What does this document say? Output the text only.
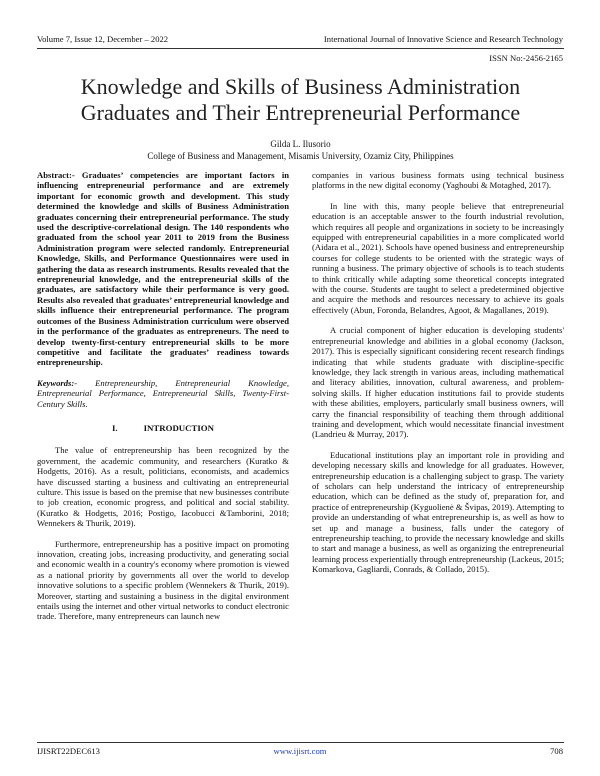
Volume 7, Issue 12, December – 2022	International Journal of Innovative Science and Research Technology
ISSN No:-2456-2165
Knowledge and Skills of Business Administration
Graduates and Their Entrepreneurial Performance
Gilda L. Ilusorio
College of Business and Management, Misamis University, Ozamiz City, Philippines

Abstract:- Graduates’ competencies are important factors in influencing entrepreneurial performance and are extremely important for economic growth and development. This study determined the knowledge and skills of Business Administration graduates concerning their entrepreneurial performance. The study used the descriptive-correlational design. The 140 respondents who graduated from the school year 2011 to 2019 from the Business Administration program were selected randomly. Entrepreneurial Knowledge, Skills, and Performance Questionnaires were used in gathering the data as research instruments. Results revealed that the entrepreneurial knowledge, and the entrepreneurial skills of the graduates, are satisfactory while their performance is very good. Results also revealed that graduates’ entrepreneurial knowledge and skills influence their entrepreneurial performance. The program outcomes of the Business Administration curriculum were observed in the performance of the graduates as entrepreneurs. The need to develop twenty-first-century entrepreneurial skills to be more competitive and facilitate the graduates’ readiness towards entrepreneurship.

Keywords:- Entrepreneurship, Entrepreneurial Knowledge, Entrepreneurial Performance, Entrepreneurial Skills, Twenty-First-Century Skills.

I.	INTRODUCTION

The value of entrepreneurship has been recognized by the government, the academic community, and researchers (Kuratko & Hodgetts, 2016). As a result, politicians, economists, and academics have discussed starting a business and cultivating an entrepreneurial culture. This issue is based on the premise that new businesses contribute to job creation, economic progress, and political and social stability. (Kuratko & Hodgetts, 2016; Postigo, Iacobucci &Tamborini, 2018; Wennekers & Thurik, 2019).

Furthermore, entrepreneurship has a positive impact on promoting innovation, creating jobs, increasing productivity, and generating social and economic wealth in a country's economy where promotion is viewed as a national priority by governments all over the world to develop innovative solutions to a specific problem (Wennekers & Thurik, 2019). Moreover, starting and sustaining a business in the digital environment entails using the internet and other virtual networks to conduct electronic trade. Therefore, many entrepreneurs can launch new

companies in various business formats using technical business platforms in the new digital economy (Yaghoubi & Motaghed, 2017).

In line with this, many people believe that entrepreneurial education is an acceptable answer to the fourth industrial revolution, which requires all people and organizations in society to be increasingly equipped with entrepreneurial capabilities in a more complicated world (Aidara et al., 2021). Schools have opened business and entrepreneurship courses for college students to be oriented with the strategic ways of running a business. The primary objective of schools is to teach students to think critically while adapting some theoretical concepts integrated with the course. Students are taught to select a predetermined objective and acquire the methods and resources necessary to achieve its goals effectively (Abun, Foronda, Belandres, Agoot, & Magallanes, 2019).

A crucial component of higher education is developing students' entrepreneurial knowledge and abilities in a global economy (Jackson, 2017). This is especially significant considering recent research findings indicating that while students graduate with discipline-specific knowledge, they lack strength in various areas, including mathematical and literacy abilities, innovation, cultural awareness, and problem-solving skills. If higher education institutions fail to provide students with these abilities, employers, particularly small business owners, will carry the financial responsibility of teaching them through additional training and development, which would necessitate financial investment (Landrieu & Murray, 2017).

Educational institutions play an important role in providing and developing necessary skills and knowledge for all graduates. However, entrepreneurship education is a challenging subject to grasp. The variety of scholars can help understand the intricacy of entrepreneurship education, which can be defined as the study of, preparation for, and practice of entrepreneurship (Kyguolienė & Švipas, 2019). Attempting to provide an understanding of what entrepreneurship is, as well as how to set up and manage a business, falls under the category of entrepreneurship teaching, to provide the necessary knowledge and skills to start and manage a business, as well as organizing the entrepreneurial learning process experientially through entrepreneurship (Lackeus, 2015; Komarkova, Gagliardi, Conrads, & Collado, 2015).

IJISRT22DEC613	www.ijisrt.com	708
